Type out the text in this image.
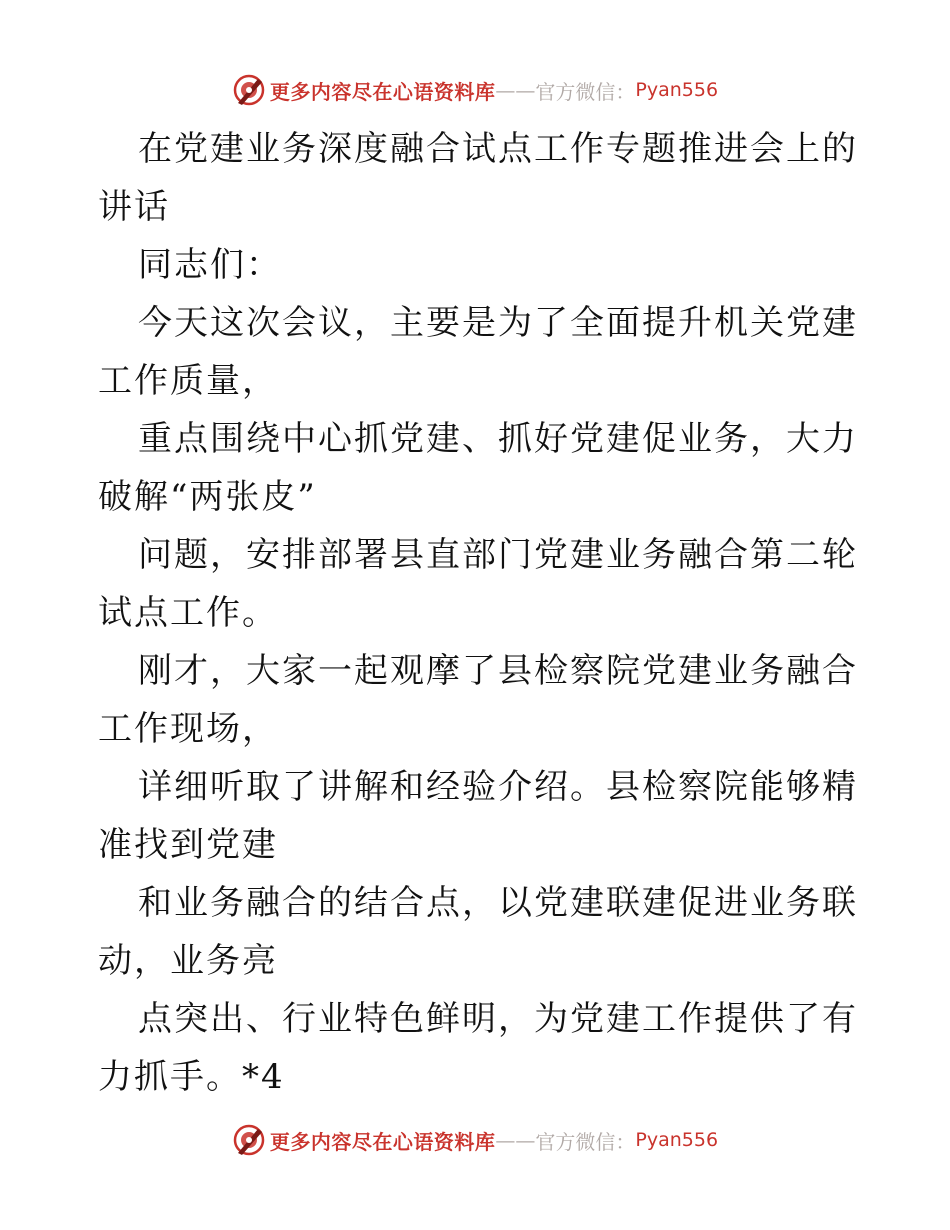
更多内容尽在心语资料库 —— 官方微信： Pyan556

在党建业务深度融合试点工作专题推进会上的讲话

同志们：

今天这次会议，主要是为了全面提升机关党建工作质量，

重点围绕中心抓党建、抓好党建促业务，大力破解“两张皮”

问题，安排部署县直部门党建业务融合第二轮试点工作。

刚才，大家一起观摩了县检察院党建业务融合工作现场，

详细听取了讲解和经验介绍。县检察院能够精准找到党建

和业务融合的结合点，以党建联建促进业务联动，业务亮

点突出、行业特色鲜明，为党建工作提供了有力抓手。*4

更多内容尽在心语资料库 —— 官方微信： Pyan556
